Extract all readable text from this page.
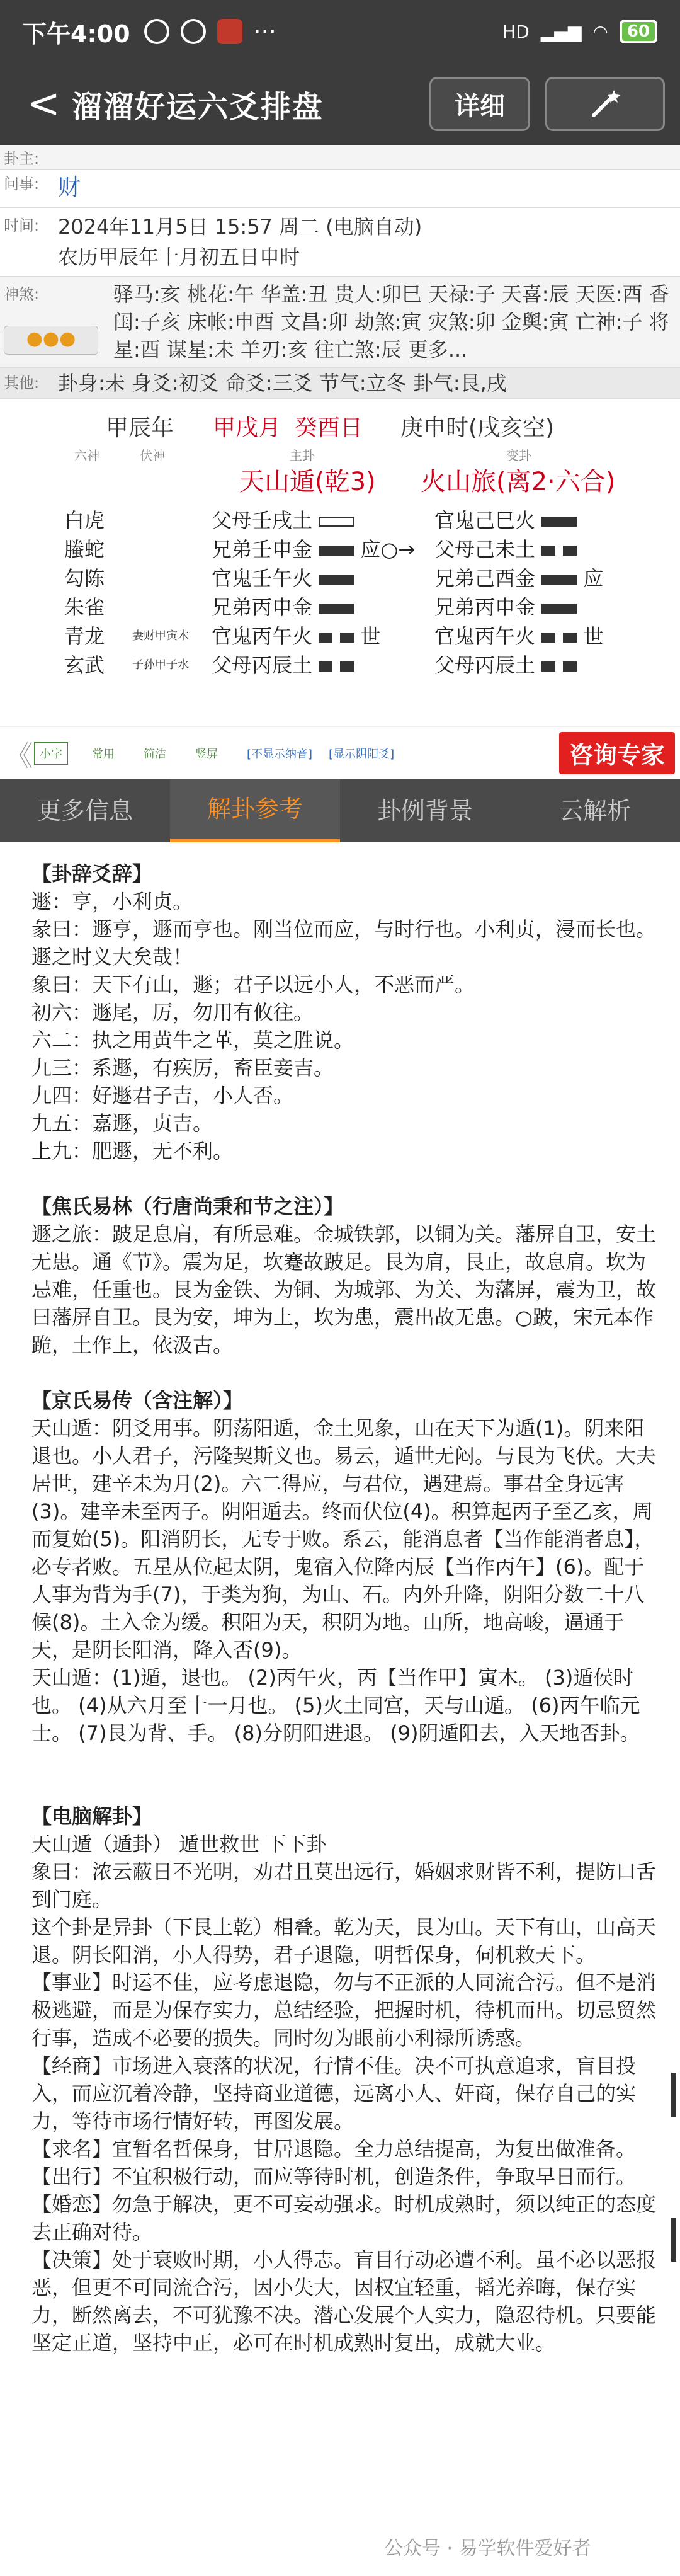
下午4:00	···	HD ▂▄▆ ◠	60
< 溜溜好运六爻排盘	详细
卦主:
问事: 财
时间: 2024年11月5日 15:57 周二 (电脑自动)

农历甲辰年十月初五日申时

神煞:
●●●
驿马:亥 桃花:午 华盖:丑 贵人:卯巳 天禄:子 天喜:辰 天医:酉 香闺:子亥 床帐:申酉 文昌:卯 劫煞:寅 灾煞:卯 金舆:寅 亡神:子 将星:酉 谋星:未 羊刃:亥 往亡煞:辰 更多...
其他: 卦身:未 身爻:初爻 命爻:三爻 节气:立冬 卦气:艮,戌
甲辰年 甲戌月 癸酉日 庚申时(戌亥空)
六神	伏神	主卦	变卦
天山遁(乾3) 火山旅(离2·六合)
白虎	父母壬戌土	官鬼己巳火
螣蛇	兄弟壬申金 应○→ 父母己未土
勾陈	官鬼壬午火	兄弟己酉金 应
朱雀	兄弟丙申金	兄弟丙申金
青龙 妻财甲寅木 官鬼丙午火 世	官鬼丙午火 世
玄武 子孙甲子水 父母丙辰土	父母丙辰土
《 小字	常用	简洁	竖屏	[不显示纳音]	[显示阴阳爻]	咨询专家
更多信息	解卦参考	卦例背景	云解析

【卦辞爻辞】

遯：亨，小利贞。

彖曰：遯亨，遯而亨也。刚当位而应，与时行也。小利贞，浸而长也。遯之时义大矣哉！

象曰：天下有山，遯；君子以远小人，不恶而严。

初六：遯尾，厉，勿用有攸往。

六二：执之用黄牛之革，莫之胜说。

九三：系遯，有疾厉，畜臣妾吉。

九四：好遯君子吉，小人否。

九五：嘉遯，贞吉。

上九：肥遯，无不利。

【焦氏易林（行唐尚秉和节之注）】

遯之旅：跛足息肩，有所忌难。金城铁郭，以铜为关。藩屏自卫，安土无患。通《节》。震为足，坎蹇故跛足。艮为肩，艮止，故息肩。坎为忌难，任重也。艮为金铁、为铜、为城郭、为关、为藩屏，震为卫，故曰藩屏自卫。艮为安，坤为上，坎为患，震出故无患。○跛，宋元本作跪，土作上，依汲古。

【京氏易传（含注解）】

天山遁：阴爻用事。阴荡阳遁，金土见象，山在天下为遁(1)。阴来阳退也。小人君子，污隆契斯义也。易云，遁世无闷。与艮为飞伏。大夫居世，建辛未为月(2)。六二得应，与君位，遇建焉。事君全身远害(3)。建辛未至丙子。阴阳遁去。终而伏位(4)。积算起丙子至乙亥，周而复始(5)。阳消阴长，无专于败。系云，能消息者【当作能消者息】，必专者败。五星从位起太阴，鬼宿入位降丙辰【当作丙午】(6)。配于人事为背为手(7)，于类为狗，为山、石。内外升降，阴阳分数二十八候(8)。土入金为缓。积阳为天，积阴为地。山所，地高峻，逼通于天，是阴长阳消，降入否(9)。

天山遁：(1)遁，退也。 (2)丙午火，丙【当作甲】寅木。 (3)遁侯时也。 (4)从六月至十一月也。 (5)火土同宫，天与山遁。 (6)丙午临元士。 (7)艮为背、手。 (8)分阴阳进退。 (9)阴遁阳去，入天地否卦。

【电脑解卦】

天山遁（遁卦） 遁世救世 下下卦

象曰：浓云蔽日不光明，劝君且莫出远行，婚姻求财皆不利，提防口舌到门庭。

这个卦是异卦（下艮上乾）相叠。乾为天，艮为山。天下有山，山高天退。阴长阳消，小人得势，君子退隐，明哲保身，伺机救天下。

【事业】时运不佳，应考虑退隐，勿与不正派的人同流合污。但不是消极逃避，而是为保存实力，总结经验，把握时机，待机而出。切忌贸然行事，造成不必要的损失。同时勿为眼前小利禄所诱惑。

【经商】市场进入衰落的状况，行情不佳。决不可执意追求，盲目投入，而应沉着冷静，坚持商业道德，远离小人、奸商，保存自己的实力，等待市场行情好转，再图发展。

【求名】宜暂名哲保身，甘居退隐。全力总结提高，为复出做准备。

【出行】不宜积极行动，而应等待时机，创造条件，争取早日而行。

【婚恋】勿急于解决，更不可妄动强求。时机成熟时，须以纯正的态度去正确对待。

【决策】处于衰败时期，小人得志。盲目行动必遭不利。虽不必以恶报恶，但更不可同流合污，因小失大，因权宜轻重，韬光养晦，保存实力，断然离去，不可犹豫不决。潜心发展个人实力，隐忍待机。只要能坚定正道，坚持中正，必可在时机成熟时复出，成就大业。

公众号 · 易学软件爱好者
